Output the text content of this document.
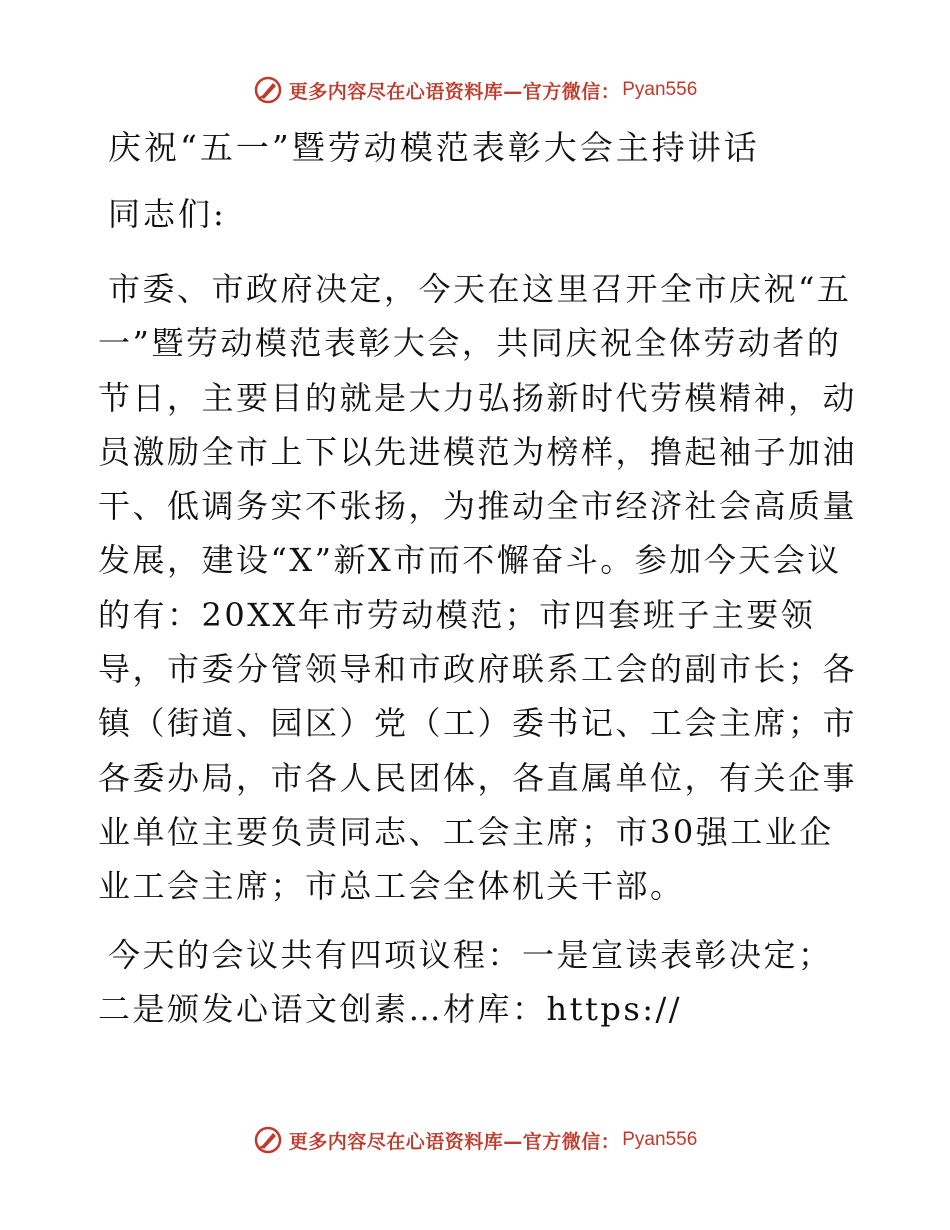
更多内容尽在心语资料库—官方微信： Pyan556
庆祝“五一”暨劳动模范表彰大会主持讲话
同志们:
市委、市政府决定，今天在这里召开全市庆祝“五一”暨劳动模范表彰大会，共同庆祝全体劳动者的节日，主要目的就是大力弘扬新时代劳模精神，动员激励全市上下以先进模范为榜样，撸起袖子加油干、低调务实不张扬，为推动全市经济社会高质量发展，建设“X”新X市而不懈奋斗。参加今天会议的有：20XX年市劳动模范；市四套班子主要领导，市委分管领导和市政府联系工会的副市长；各镇（街道、园区）党（工）委书记、工会主席；市各委办局，市各人民团体，各直属单位，有关企事业单位主要负责同志、工会主席；市30强工业企业工会主席；市总工会全体机关干部。
今天的会议共有四项议程：一是宣读表彰决定；二是颁发心语文创素…材库：https://
更多内容尽在心语资料库—官方微信： Pyan556
